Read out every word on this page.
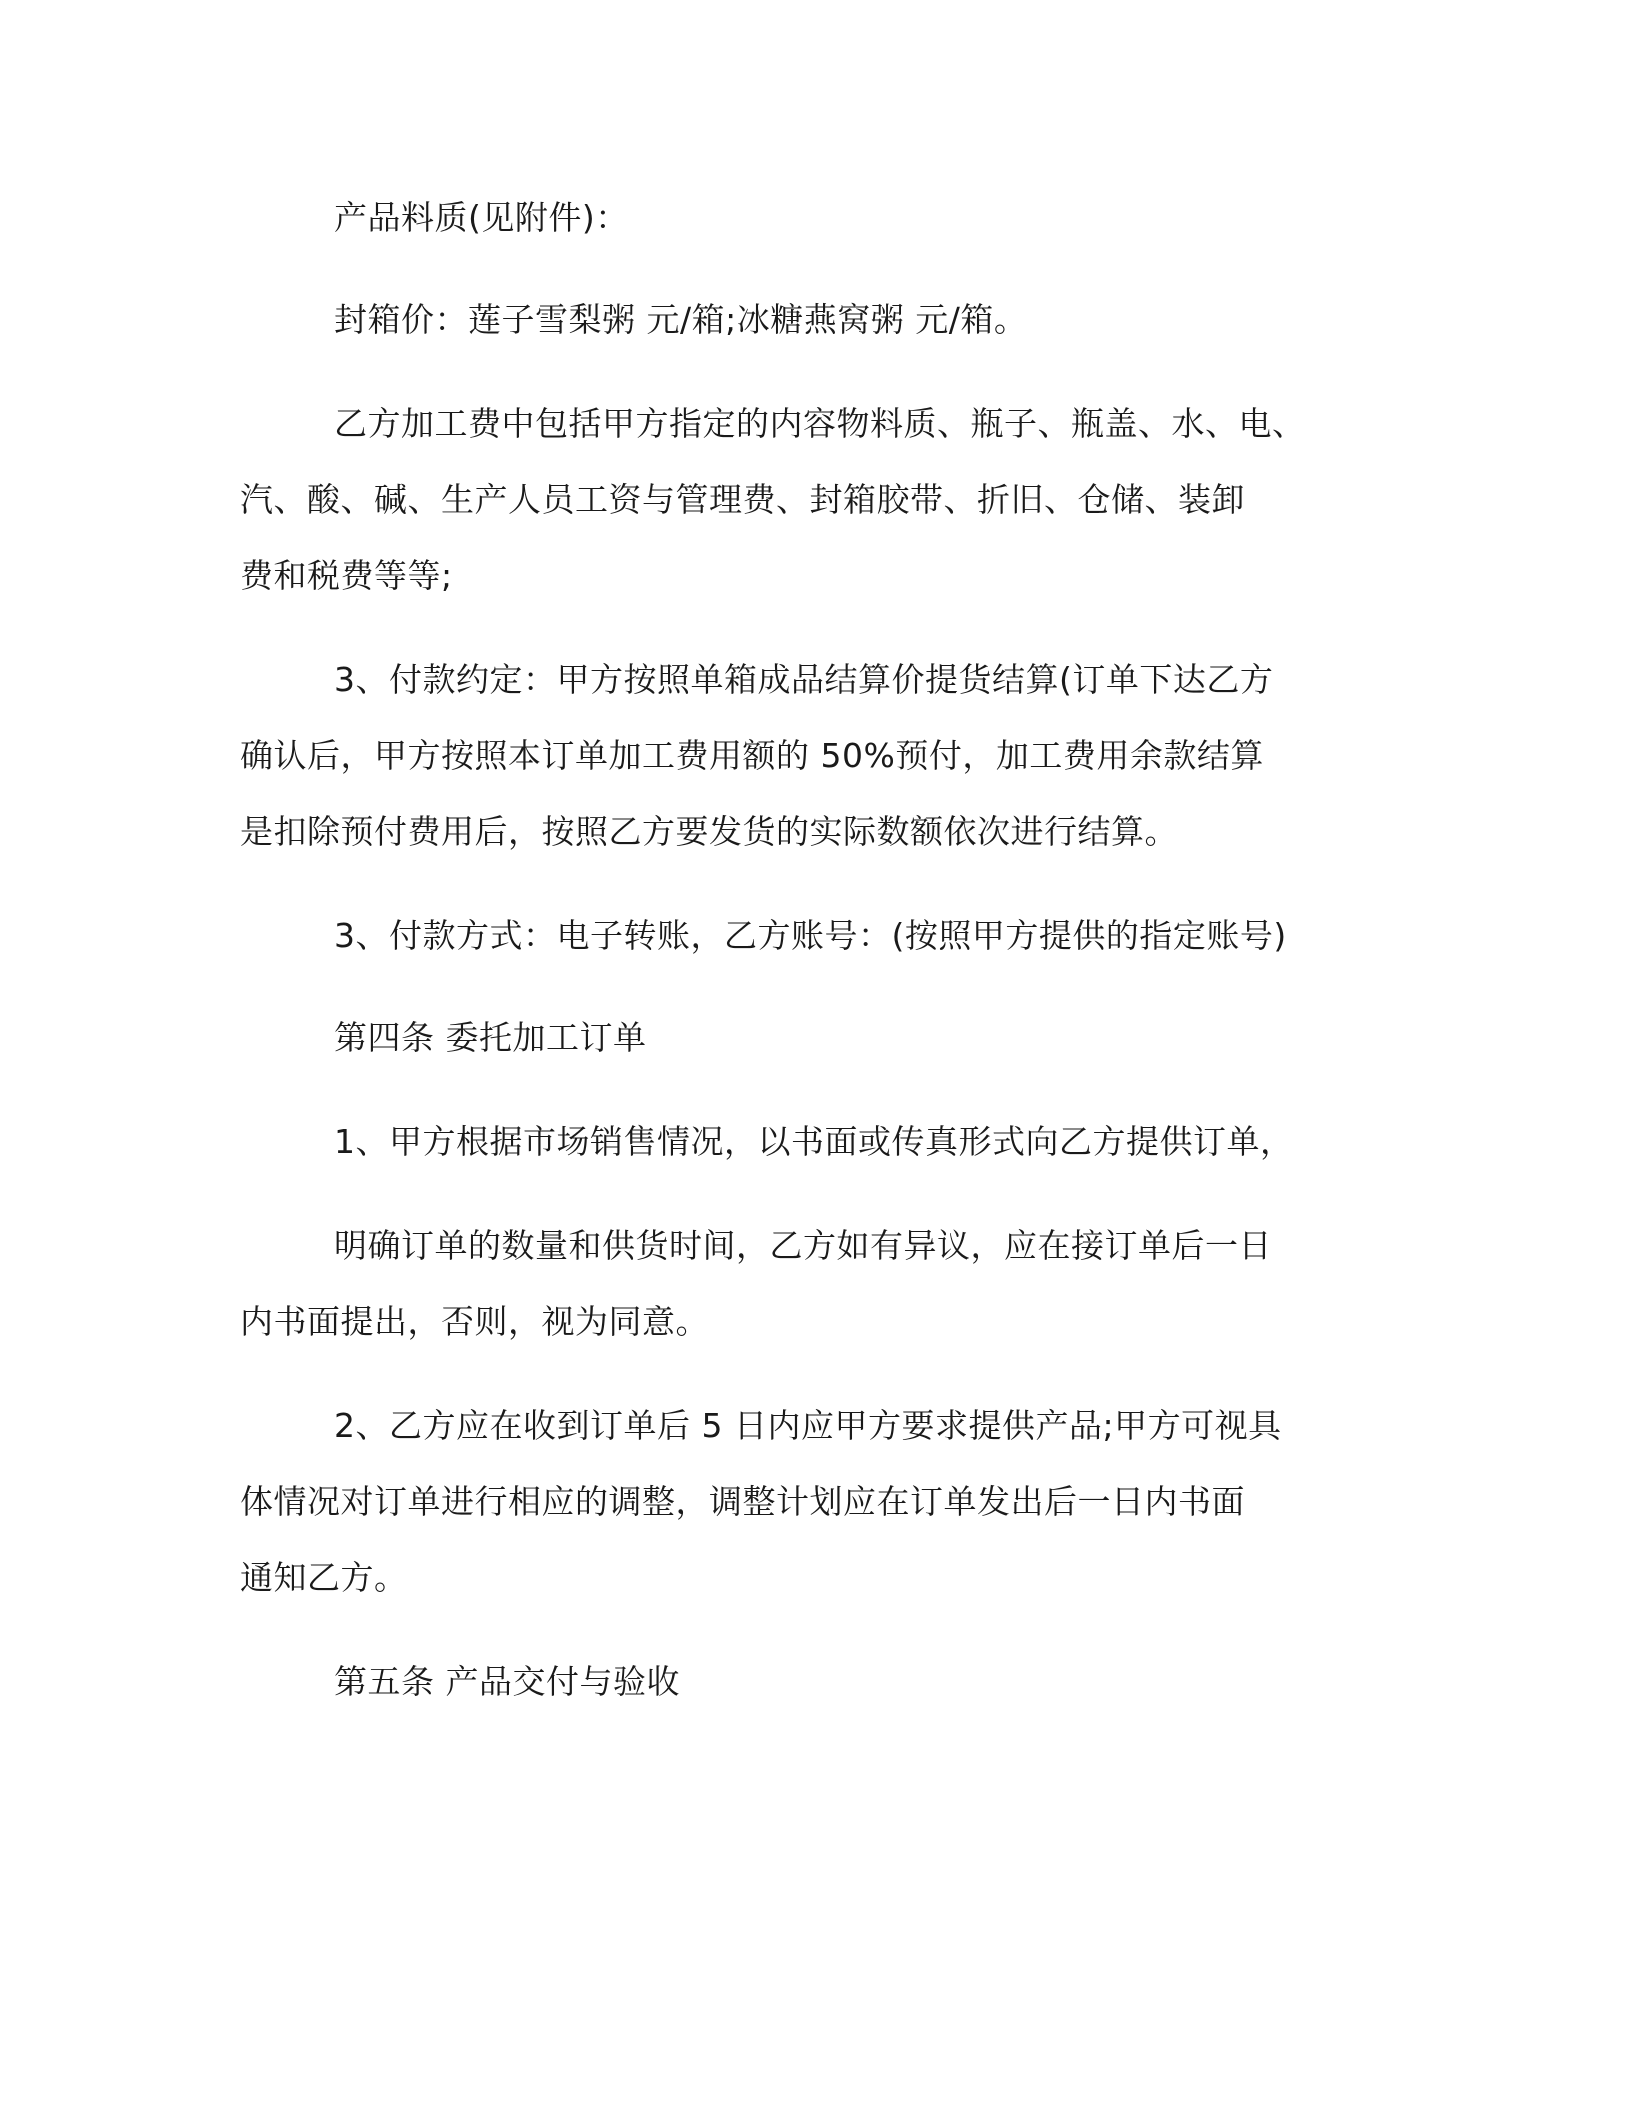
产品料质(见附件)：
封箱价：莲子雪梨粥 元/箱;冰糖燕窝粥 元/箱。
乙方加工费中包括甲方指定的内容物料质、瓶子、瓶盖、水、电、
汽、酸、碱、生产人员工资与管理费、封箱胶带、折旧、仓储、装卸
费和税费等等;
3、付款约定：甲方按照单箱成品结算价提货结算(订单下达乙方
确认后，甲方按照本订单加工费用额的 50%预付，加工费用余款结算
是扣除预付费用后，按照乙方要发货的实际数额依次进行结算。
3、付款方式：电子转账，乙方账号：(按照甲方提供的指定账号)
第四条 委托加工订单
1、甲方根据市场销售情况，以书面或传真形式向乙方提供订单，
明确订单的数量和供货时间，乙方如有异议，应在接订单后一日
内书面提出，否则，视为同意。
2、乙方应在收到订单后 5 日内应甲方要求提供产品;甲方可视具
体情况对订单进行相应的调整，调整计划应在订单发出后一日内书面
通知乙方。
第五条 产品交付与验收
